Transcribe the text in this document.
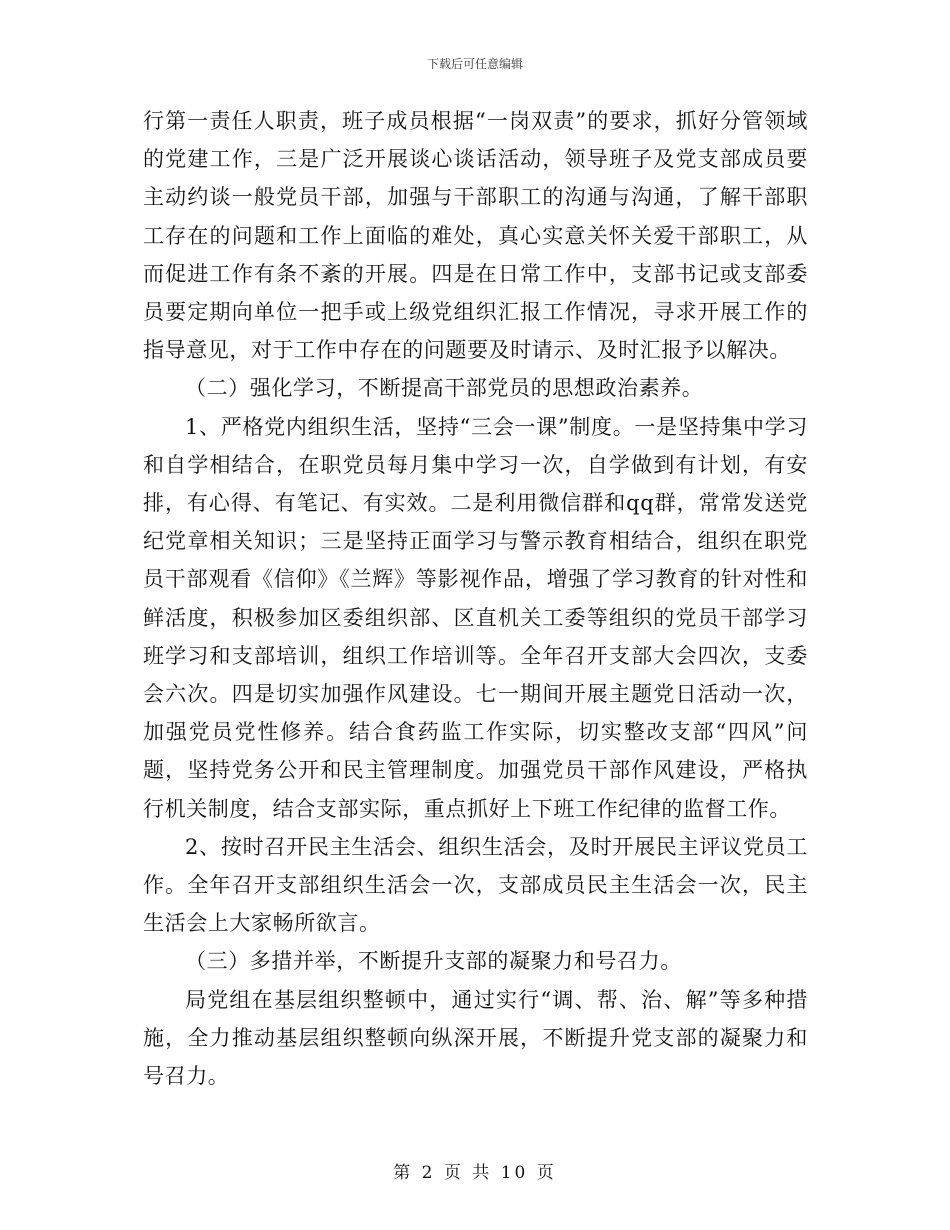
下载后可任意编辑

行第一责任人职责，班子成员根据“一岗双责”的要求，抓好分管领域的党建工作，三是广泛开展谈心谈话活动，领导班子及党支部成员要主动约谈一般党员干部，加强与干部职工的沟通与沟通，了解干部职工存在的问题和工作上面临的难处，真心实意关怀关爱干部职工，从而促进工作有条不紊的开展。四是在日常工作中，支部书记或支部委员要定期向单位一把手或上级党组织汇报工作情况，寻求开展工作的指导意见，对于工作中存在的问题要及时请示、及时汇报予以解决。

（二）强化学习，不断提高干部党员的思想政治素养。

1、严格党内组织生活，坚持“三会一课”制度。一是坚持集中学习和自学相结合，在职党员每月集中学习一次，自学做到有计划，有安排，有心得、有笔记、有实效。二是利用微信群和qq群，常常发送党纪党章相关知识；三是坚持正面学习与警示教育相结合，组织在职党员干部观看《信仰》《兰辉》等影视作品，增强了学习教育的针对性和鲜活度，积极参加区委组织部、区直机关工委等组织的党员干部学习班学习和支部培训，组织工作培训等。全年召开支部大会四次，支委会六次。四是切实加强作风建设。七一期间开展主题党日活动一次，加强党员党性修养。结合食药监工作实际，切实整改支部“四风”问题，坚持党务公开和民主管理制度。加强党员干部作风建设，严格执行机关制度，结合支部实际，重点抓好上下班工作纪律的监督工作。

2、按时召开民主生活会、组织生活会，及时开展民主评议党员工作。全年召开支部组织生活会一次，支部成员民主生活会一次，民主生活会上大家畅所欲言。

（三）多措并举，不断提升支部的凝聚力和号召力。

局党组在基层组织整顿中，通过实行“调、帮、治、解”等多种措施，全力推动基层组织整顿向纵深开展，不断提升党支部的凝聚力和号召力。

第 2 页 共 10 页
